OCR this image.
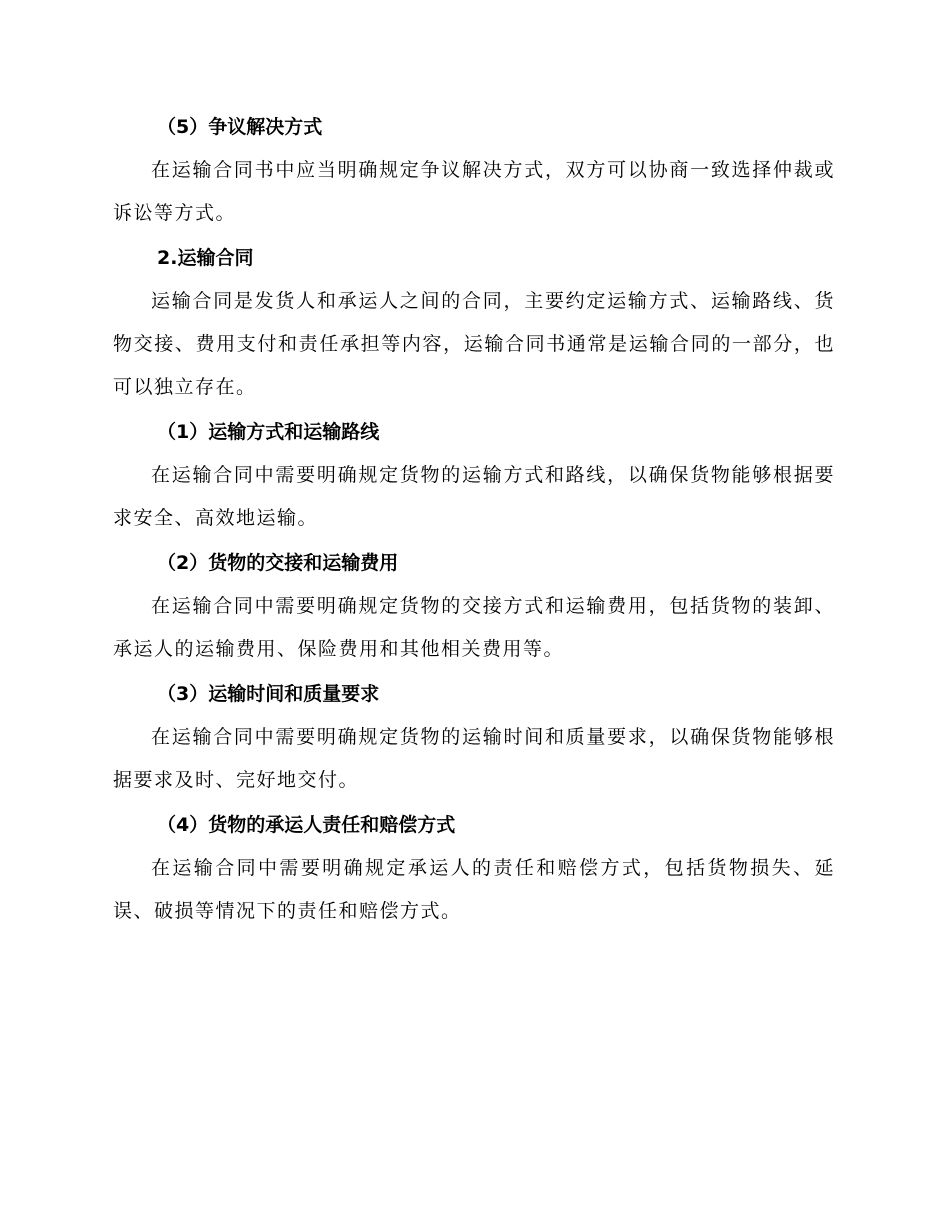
（5）争议解决方式

在运输合同书中应当明确规定争议解决方式，双方可以协商一致选择仲裁或诉讼等方式。

2.运输合同

运输合同是发货人和承运人之间的合同，主要约定运输方式、运输路线、货物交接、费用支付和责任承担等内容，运输合同书通常是运输合同的一部分，也可以独立存在。

（1）运输方式和运输路线

在运输合同中需要明确规定货物的运输方式和路线，以确保货物能够根据要求安全、高效地运输。

（2）货物的交接和运输费用

在运输合同中需要明确规定货物的交接方式和运输费用，包括货物的装卸、承运人的运输费用、保险费用和其他相关费用等。

（3）运输时间和质量要求

在运输合同中需要明确规定货物的运输时间和质量要求，以确保货物能够根据要求及时、完好地交付。

（4）货物的承运人责任和赔偿方式

在运输合同中需要明确规定承运人的责任和赔偿方式，包括货物损失、延误、破损等情况下的责任和赔偿方式。
